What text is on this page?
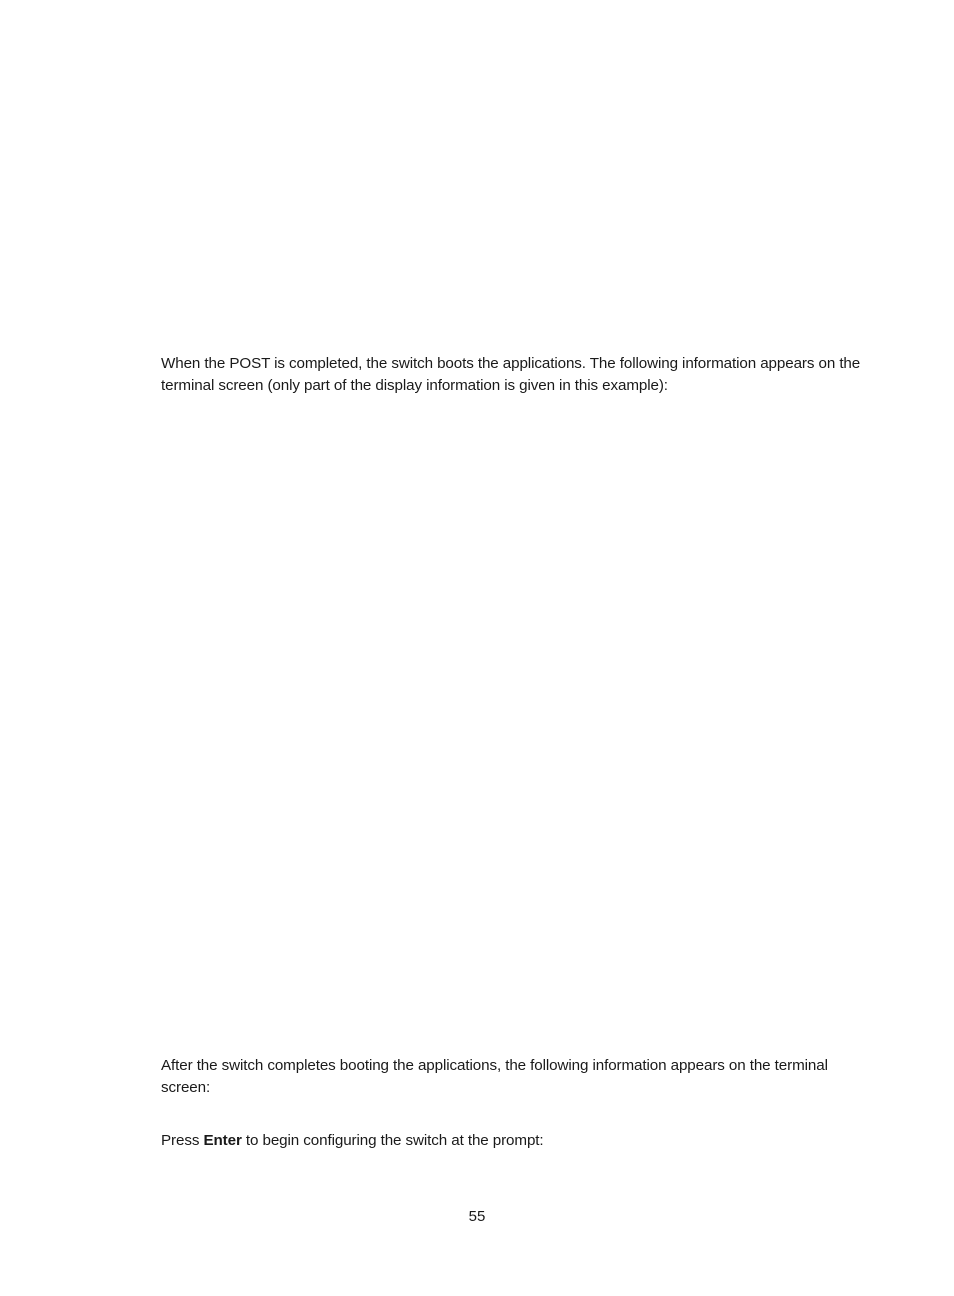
When the POST is completed, the switch boots the applications. The following information appears on the terminal screen (only part of the display information is given in this example):

After the switch completes booting the applications, the following information appears on the terminal screen:

Press Enter to begin configuring the switch at the prompt:

55
